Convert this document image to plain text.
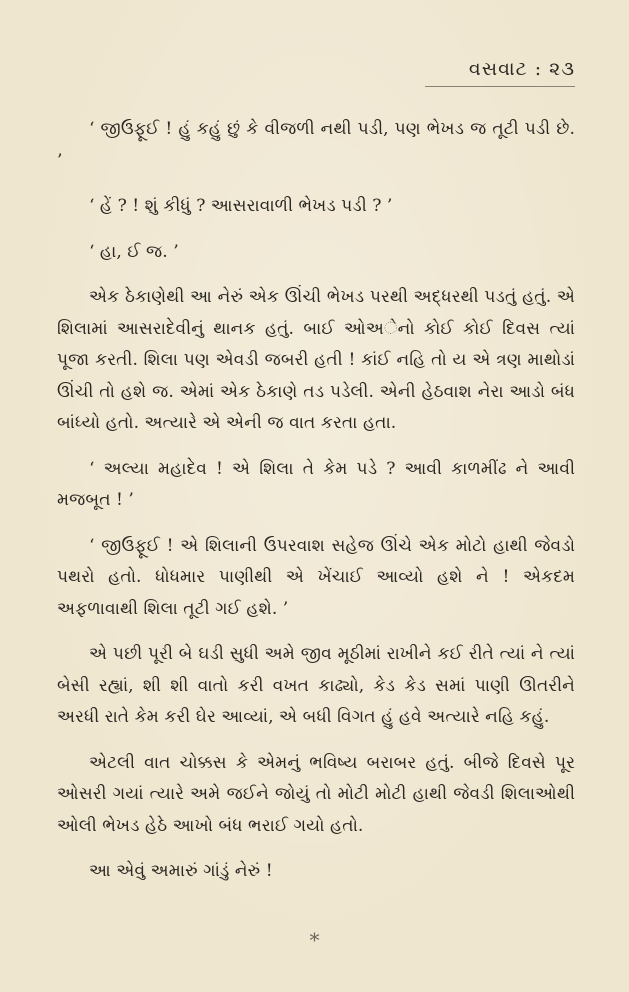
વસવાટ : ૨૩

‘ જીઉફૂઈ ! હું કહું છું કે વીજળી નથી પડી, પણ ભેખડ જ તૂટી પડી છે. ’

‘ હેં ? ! શું કીધું ? આસરાવાળી ભેખડ પડી ? ’

‘ હા, ઈ જ. ’

એક ઠેકાણેથી આ નેરું એક ઊંચી ભેખડ પરથી અદ્ધરથી પડતું હતું. એ શિલામાં આસરાદેવીનું થાનક હતું. બાઈ ઓઅેનો કોઈ કોઈ દિવસ ત્યાં પૂજા કરતી. શિલા પણ એવડી જબરી હતી ! કાંઈ નહિ તો ય એ ત્રણ માથોડાં ઊંચી તો હશે જ. એમાં એક ઠેકાણે તડ પડેલી. એની હેઠવાશ નેરા આડો બંધ બાંધ્યો હતો. અત્યારે એ એની જ વાત કરતા હતા.

‘ અલ્યા મહાદેવ ! એ શિલા તે કેમ પડે ? આવી કાળમીંઢ ને આવી મજબૂત ! ’

‘ જીઉફૂઈ ! એ શિલાની ઉપરવાશ સહેજ ઊંચે એક મોટો હાથી જેવડો પથરો હતો. ધોધમાર પાણીથી એ ખેંચાઈ આવ્યો હશે ને ! એકદમ અફળાવાથી શિલા તૂટી ગઈ હશે. ’

એ પછી પૂરી બે ઘડી સુધી અમે જીવ મૂઠીમાં રાખીને કઈ રીતે ત્યાં ને ત્યાં બેસી રહ્યાં, શી શી વાતો કરી વખત કાઢ્યો, કેડ કેડ સમાં પાણી ઊતરીને અરધી રાતે કેમ કરી ઘેર આવ્યાં, એ બધી વિગત હું હવે અત્યારે નહિ કહું.

એટલી વાત ચોક્કસ કે એમનું ભવિષ્ય બરાબર હતું. બીજે દિવસે પૂર ઓસરી ગયાં ત્યારે અમે જઈને જોયું તો મોટી મોટી હાથી જેવડી શિલાઓથી ઓલી ભેખડ હેઠે આખો બંધ ભરાઈ ગયો હતો.

આ એવું અમારું ગાંડું નેરું !

*
